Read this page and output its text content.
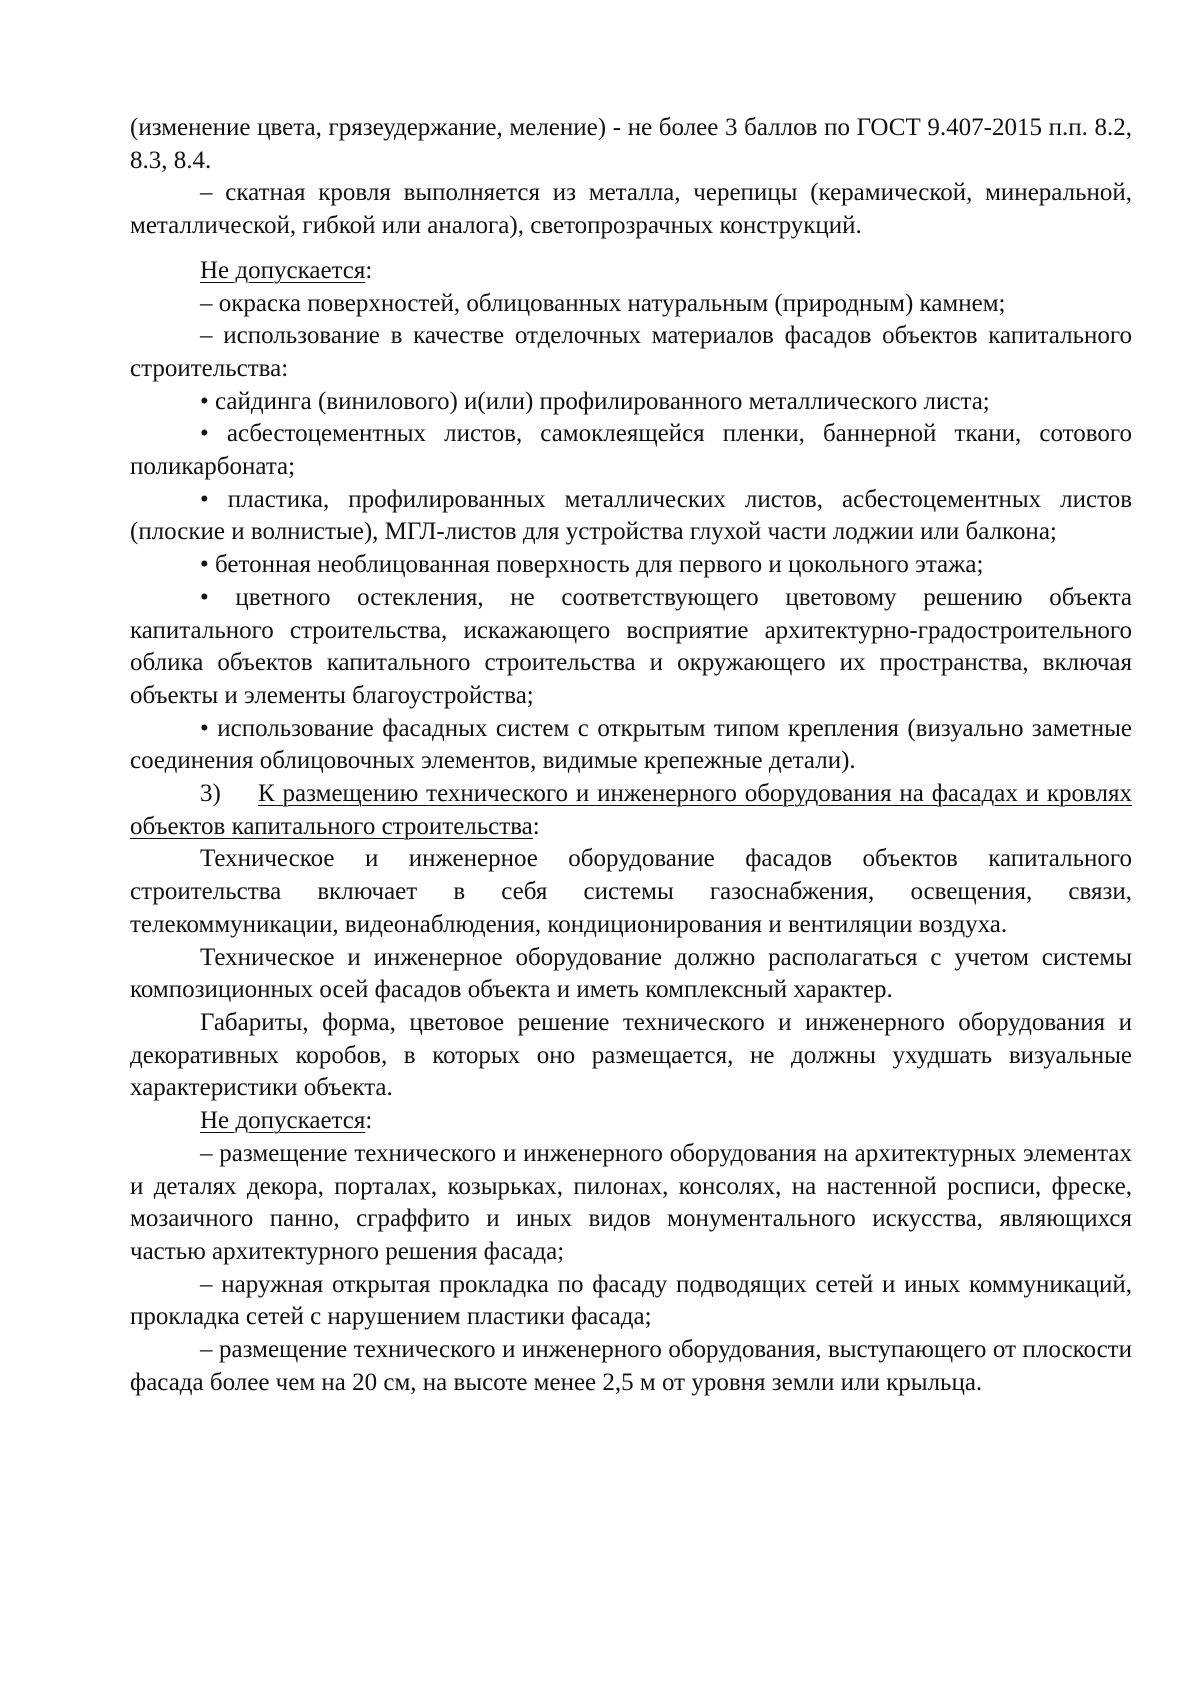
(изменение цвета, грязеудержание, меление) - не более 3 баллов по ГОСТ 9.407-2015 п.п. 8.2, 8.3, 8.4.

– скатная кровля выполняется из металла, черепицы (керамической, минеральной, металлической, гибкой или аналога), светопрозрачных конструкций.

Не допускается:

– окраска поверхностей, облицованных натуральным (природным) камнем;

– использование в качестве отделочных материалов фасадов объектов капитального строительства:

• сайдинга (винилового) и(или) профилированного металлического листа;

• асбестоцементных листов, самоклеящейся пленки, баннерной ткани, сотового поликарбоната;

• пластика, профилированных металлических листов, асбестоцементных листов (плоские и волнистые), МГЛ-листов для устройства глухой части лоджии или балкона;

• бетонная необлицованная поверхность для первого и цокольного этажа;

• цветного остекления, не соответствующего цветовому решению объекта капитального строительства, искажающего восприятие архитектурно-градостроительного облика объектов капитального строительства и окружающего их пространства, включая объекты и элементы благоустройства;

• использование фасадных систем с открытым типом крепления (визуально заметные соединения облицовочных элементов, видимые крепежные детали).

3) К размещению технического и инженерного оборудования на фасадах и кровлях объектов капитального строительства:

Техническое и инженерное оборудование фасадов объектов капитального строительства включает в себя системы газоснабжения, освещения, связи, телекоммуникации, видеонаблюдения, кондиционирования и вентиляции воздуха.

Техническое и инженерное оборудование должно располагаться с учетом системы композиционных осей фасадов объекта и иметь комплексный характер.

Габариты, форма, цветовое решение технического и инженерного оборудования и декоративных коробов, в которых оно размещается, не должны ухудшать визуальные характеристики объекта.

Не допускается:

– размещение технического и инженерного оборудования на архитектурных элементах и деталях декора, порталах, козырьках, пилонах, консолях, на настенной росписи, фреске, мозаичного панно, сграффито и иных видов монументального искусства, являющихся частью архитектурного решения фасада;

– наружная открытая прокладка по фасаду подводящих сетей и иных коммуникаций, прокладка сетей с нарушением пластики фасада;

– размещение технического и инженерного оборудования, выступающего от плоскости фасада более чем на 20 см, на высоте менее 2,5 м от уровня земли или крыльца.
